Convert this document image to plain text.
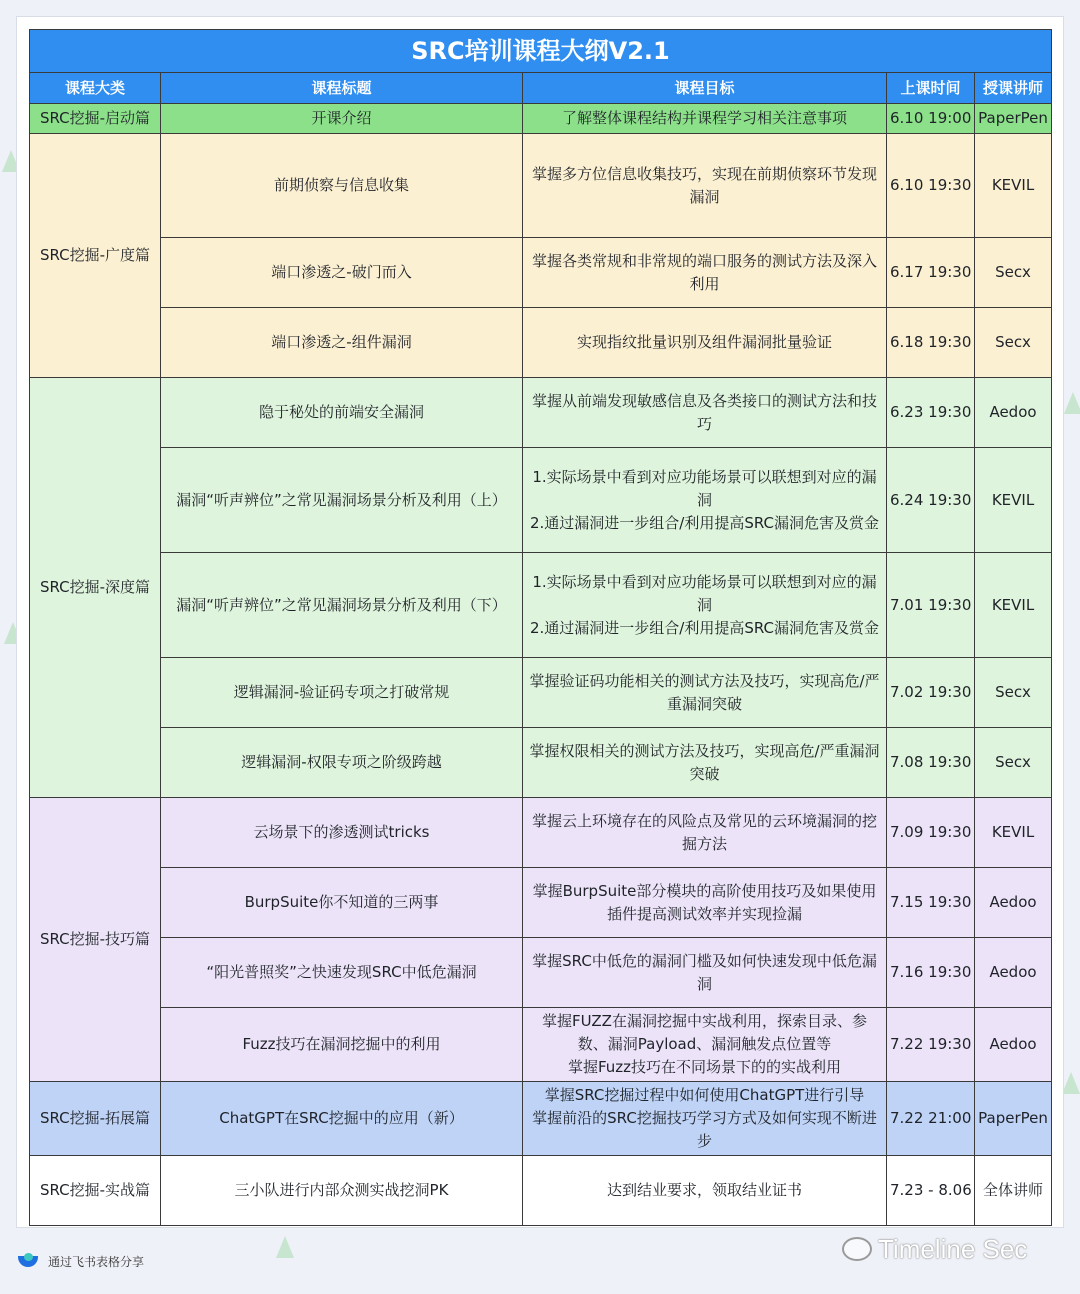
SRC培训课程大纲V2.1				
课程大类	课程标题	课程目标	上课时间	授课讲师
SRC挖掘-启动篇	开课介绍	了解整体课程结构并课程学习相关注意事项	6.10 19:00	PaperPen
SRC挖掘-广度篇	前期侦察与信息收集	掌握多方位信息收集技巧，实现在前期侦察环节发现漏洞	6.10 19:30	KEVIL
	端口渗透之-破门而入	掌握各类常规和非常规的端口服务的测试方法及深入利用	6.17 19:30	Secx
	端口渗透之-组件漏洞	实现指纹批量识别及组件漏洞批量验证	6.18 19:30	Secx
SRC挖掘-深度篇	隐于秘处的前端安全漏洞	掌握从前端发现敏感信息及各类接口的测试方法和技巧	6.23 19:30	Aedoo
	漏洞“听声辨位”之常见漏洞场景分析及利用（上）	1.实际场景中看到对应功能场景可以联想到对应的漏洞
2.通过漏洞进一步组合/利用提高SRC漏洞危害及赏金	6.24 19:30	KEVIL
	漏洞“听声辨位”之常见漏洞场景分析及利用（下）	1.实际场景中看到对应功能场景可以联想到对应的漏洞
2.通过漏洞进一步组合/利用提高SRC漏洞危害及赏金	7.01 19:30	KEVIL
	逻辑漏洞-验证码专项之打破常规	掌握验证码功能相关的测试方法及技巧，实现高危/严重漏洞突破	7.02 19:30	Secx
	逻辑漏洞-权限专项之阶级跨越	掌握权限相关的测试方法及技巧，实现高危/严重漏洞突破	7.08 19:30	Secx
SRC挖掘-技巧篇	云场景下的渗透测试tricks	掌握云上环境存在的风险点及常见的云环境漏洞的挖掘方法	7.09 19:30	KEVIL
	BurpSuite你不知道的三两事	掌握BurpSuite部分模块的高阶使用技巧及如果使用插件提高测试效率并实现捡漏	7.15 19:30	Aedoo
	“阳光普照奖”之快速发现SRC中低危漏洞	掌握SRC中低危的漏洞门槛及如何快速发现中低危漏洞	7.16 19:30	Aedoo
	Fuzz技巧在漏洞挖掘中的利用	掌握FUZZ在漏洞挖掘中实战利用，探索目录、参数、漏洞Payload、漏洞触发点位置等
掌握Fuzz技巧在不同场景下的的实战利用	7.22 19:30	Aedoo
SRC挖掘-拓展篇	ChatGPT在SRC挖掘中的应用（新）	掌握SRC挖掘过程中如何使用ChatGPT进行引导
掌握前沿的SRC挖掘技巧学习方式及如何实现不断进步	7.22 21:00	PaperPen
SRC挖掘-实战篇	三小队进行内部众测实战挖洞PK	达到结业要求，领取结业证书	7.23 - 8.06	全体讲师
通过飞书表格分享	Timeline Sec
